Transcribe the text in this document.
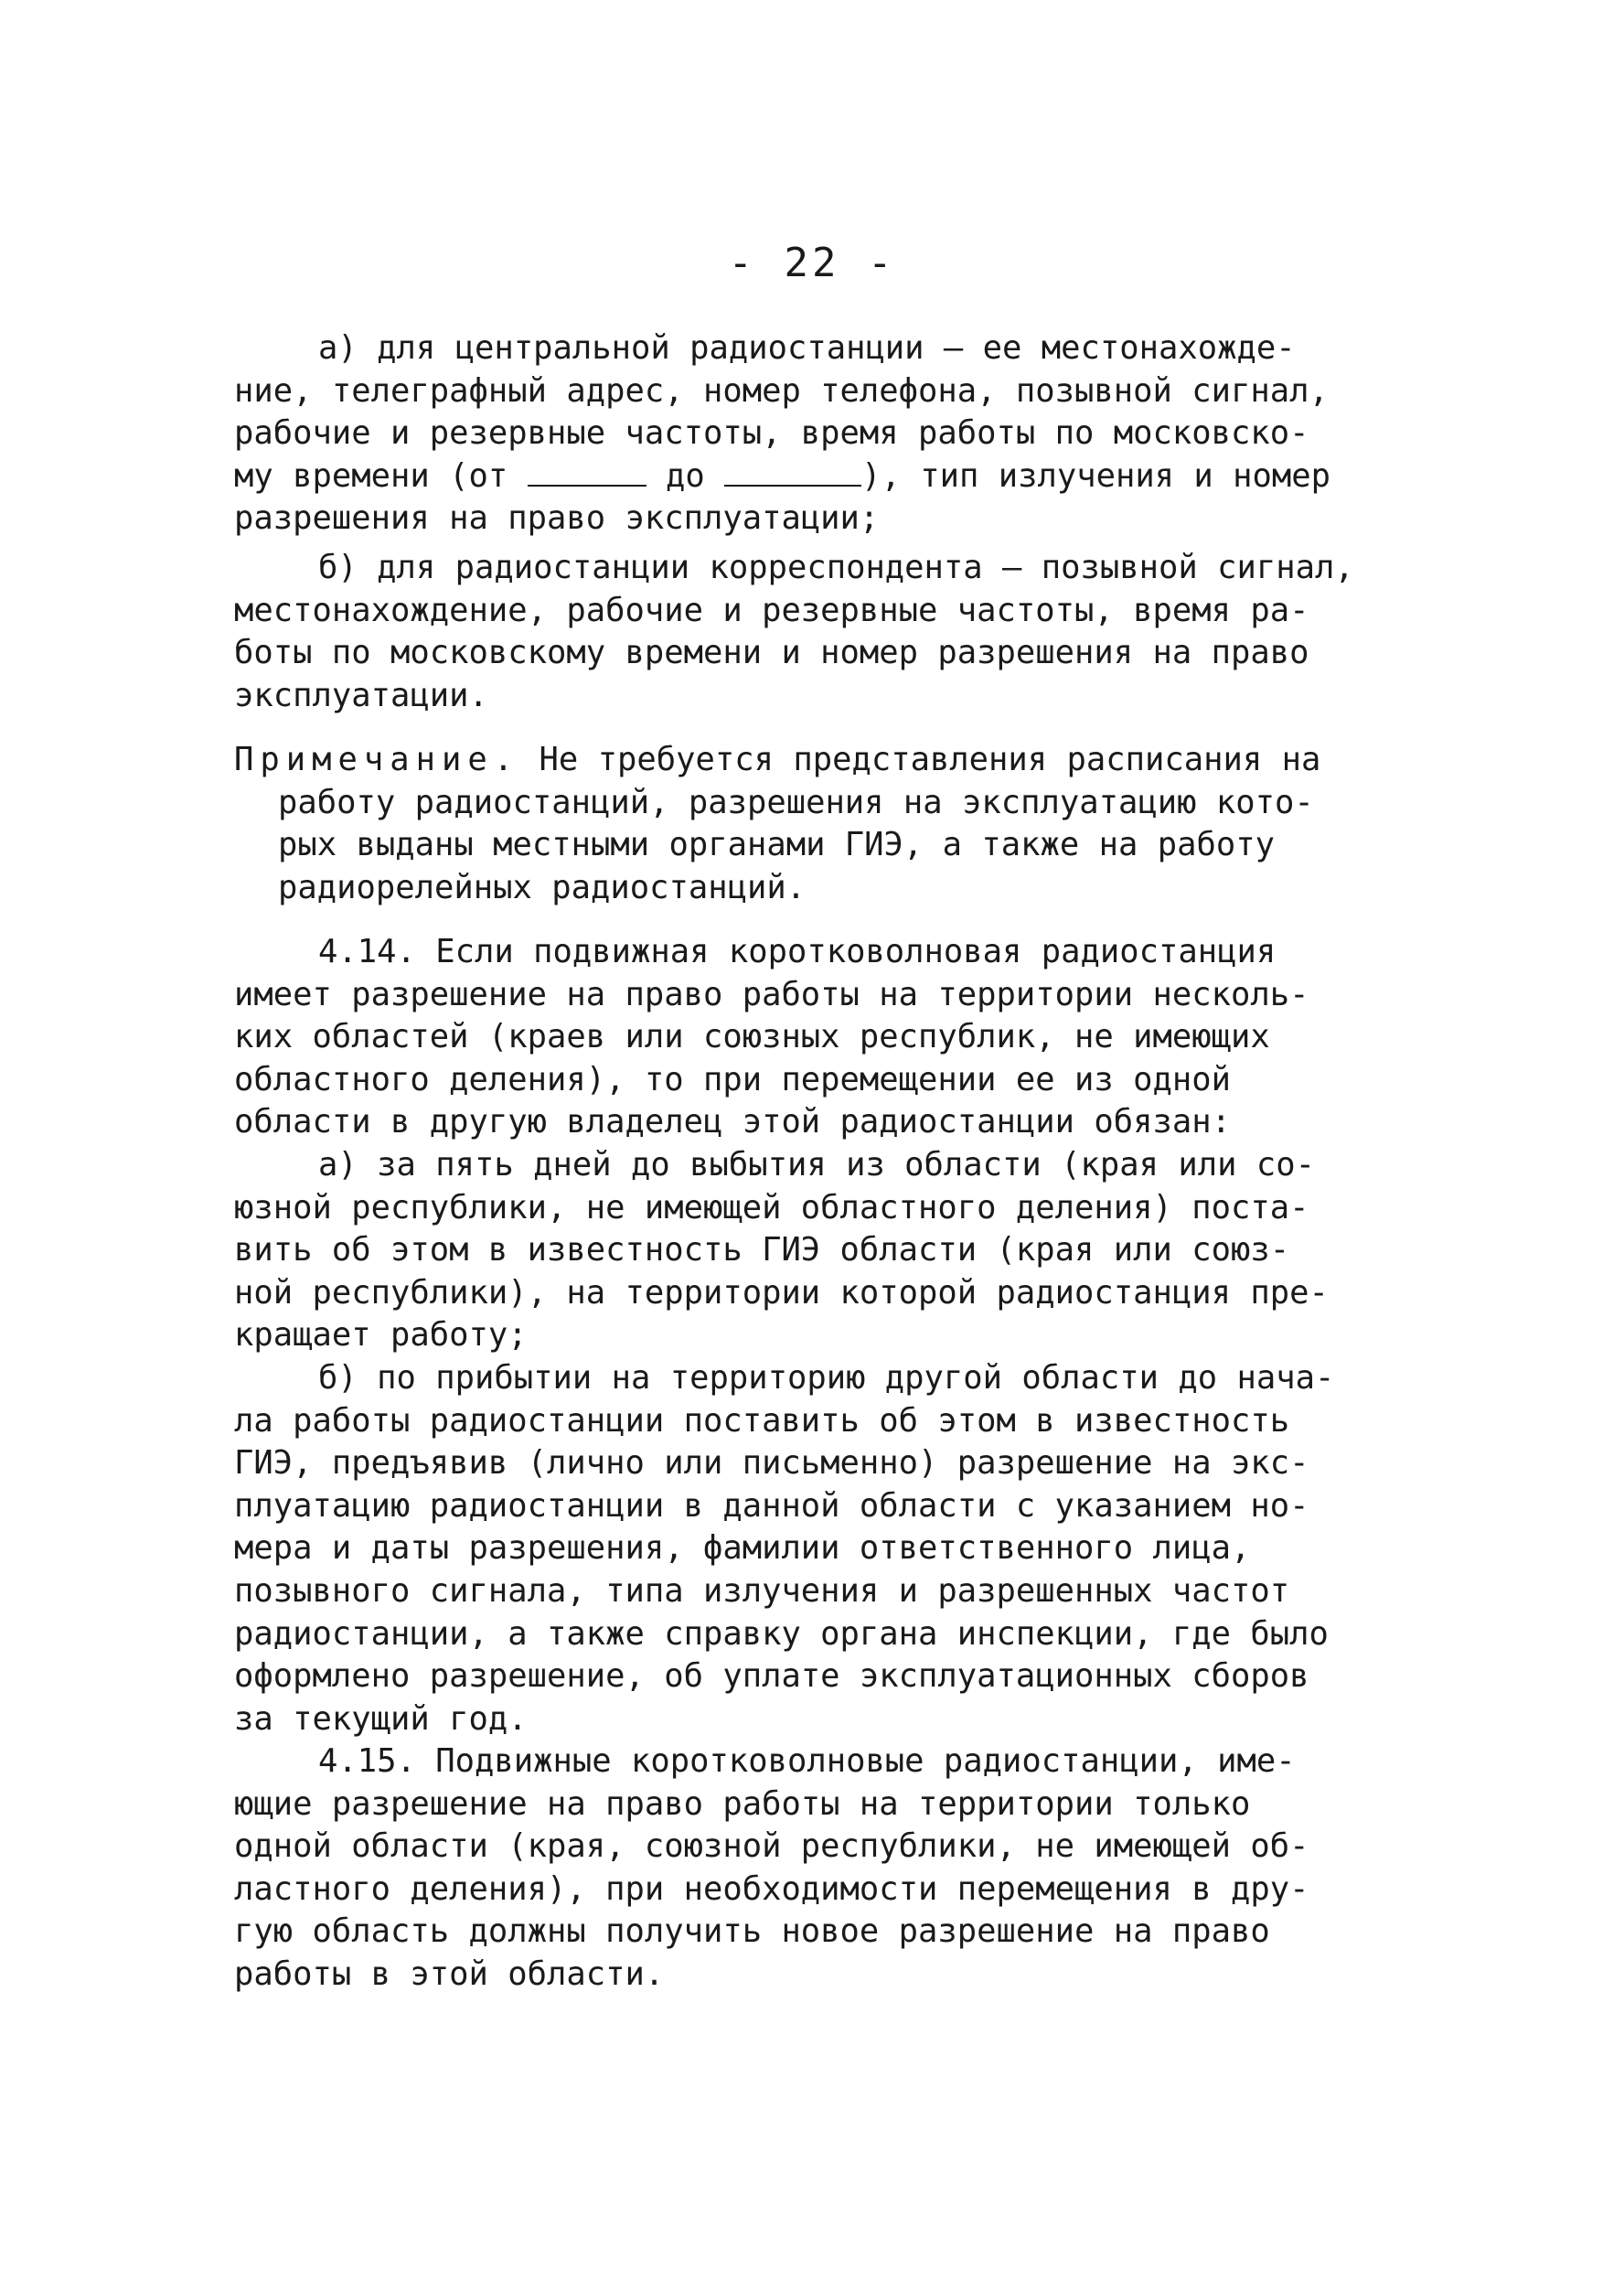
- 22 -
а) для центральной радиостанции — ее местонахожде-
ние, телеграфный адрес, номер телефона, позывной сигнал,
рабочие и резервные частоты, время работы по московско-
му времени (от	до	), тип излучения и номер
разрешения на право эксплуатации;
б) для радиостанции корреспондента — позывной сигнал,
местонахождение, рабочие и резервные частоты, время ра-
боты по московскому времени и номер разрешения на право
эксплуатации.
Примечание. Не требуется представления расписания на
работу радиостанций, разрешения на эксплуатацию кото-
рых выданы местными органами ГИЭ, а также на работу
радиорелейных радиостанций.
4.14. Если подвижная коротковолновая радиостанция
имеет разрешение на право работы на территории несколь-
ких областей (краев или союзных республик, не имеющих
областного деления), то при перемещении ее из одной
области в другую владелец этой радиостанции обязан:
а) за пять дней до выбытия из области (края или со-
юзной республики, не имеющей областного деления) поста-
вить об этом в известность ГИЭ области (края или союз-
ной республики), на территории которой радиостанция пре-
кращает работу;
б) по прибытии на территорию другой области до нача-
ла работы радиостанции поставить об этом в известность
ГИЭ, предъявив (лично или письменно) разрешение на экс-
плуатацию радиостанции в данной области с указанием но-
мера и даты разрешения, фамилии ответственного лица,
позывного сигнала, типа излучения и разрешенных частот
радиостанции, а также справку органа инспекции, где было
оформлено разрешение, об уплате эксплуатационных сборов
за текущий год.
4.15. Подвижные коротковолновые радиостанции, име-
ющие разрешение на право работы на территории только
одной области (края, союзной республики, не имеющей об-
ластного деления), при необходимости перемещения в дру-
гую область должны получить новое разрешение на право
работы в этой области.
